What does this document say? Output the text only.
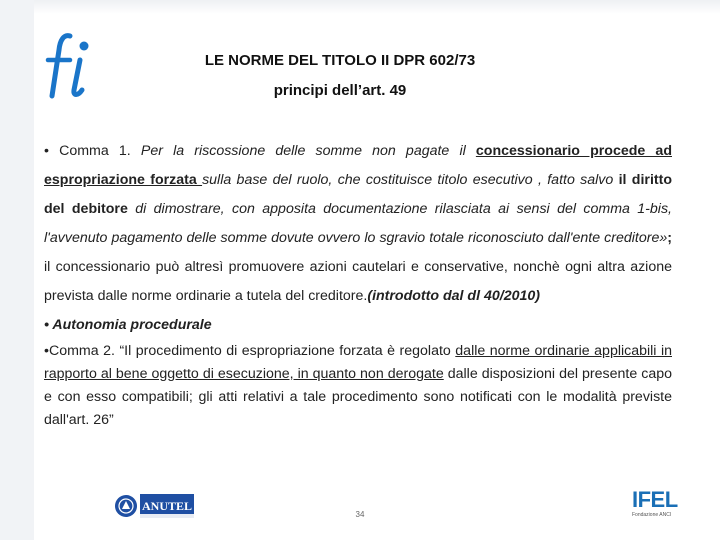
LE NORME DEL TITOLO II DPR 602/73
principi dell’art. 49

• Comma 1. Per la riscossione delle somme non pagate il concessionario procede ad espropriazione forzata sulla base del ruolo, che costituisce titolo esecutivo , fatto salvo il diritto del debitore di dimostrare, con apposita documentazione rilasciata ai sensi del comma 1-bis, l'avvenuto pagamento delle somme dovute ovvero lo sgravio totale riconosciuto dall'ente creditore»; il concessionario può altresì promuovere azioni cautelari e conservative, nonchè ogni altra azione prevista dalle norme ordinarie a tutela del creditore.(introdotto dal dl 40/2010)

• Autonomia procedurale

•Comma 2. “Il procedimento di espropriazione forzata è regolato dalle norme ordinarie applicabili in rapporto al bene oggetto di esecuzione, in quanto non derogate dalle disposizioni del presente capo e con esso compatibili; gli atti relativi a tale procedimento sono notificati con le modalità previste dall'art. 26”

ANUTEL
34
IFEL
Fondazione ANCI
